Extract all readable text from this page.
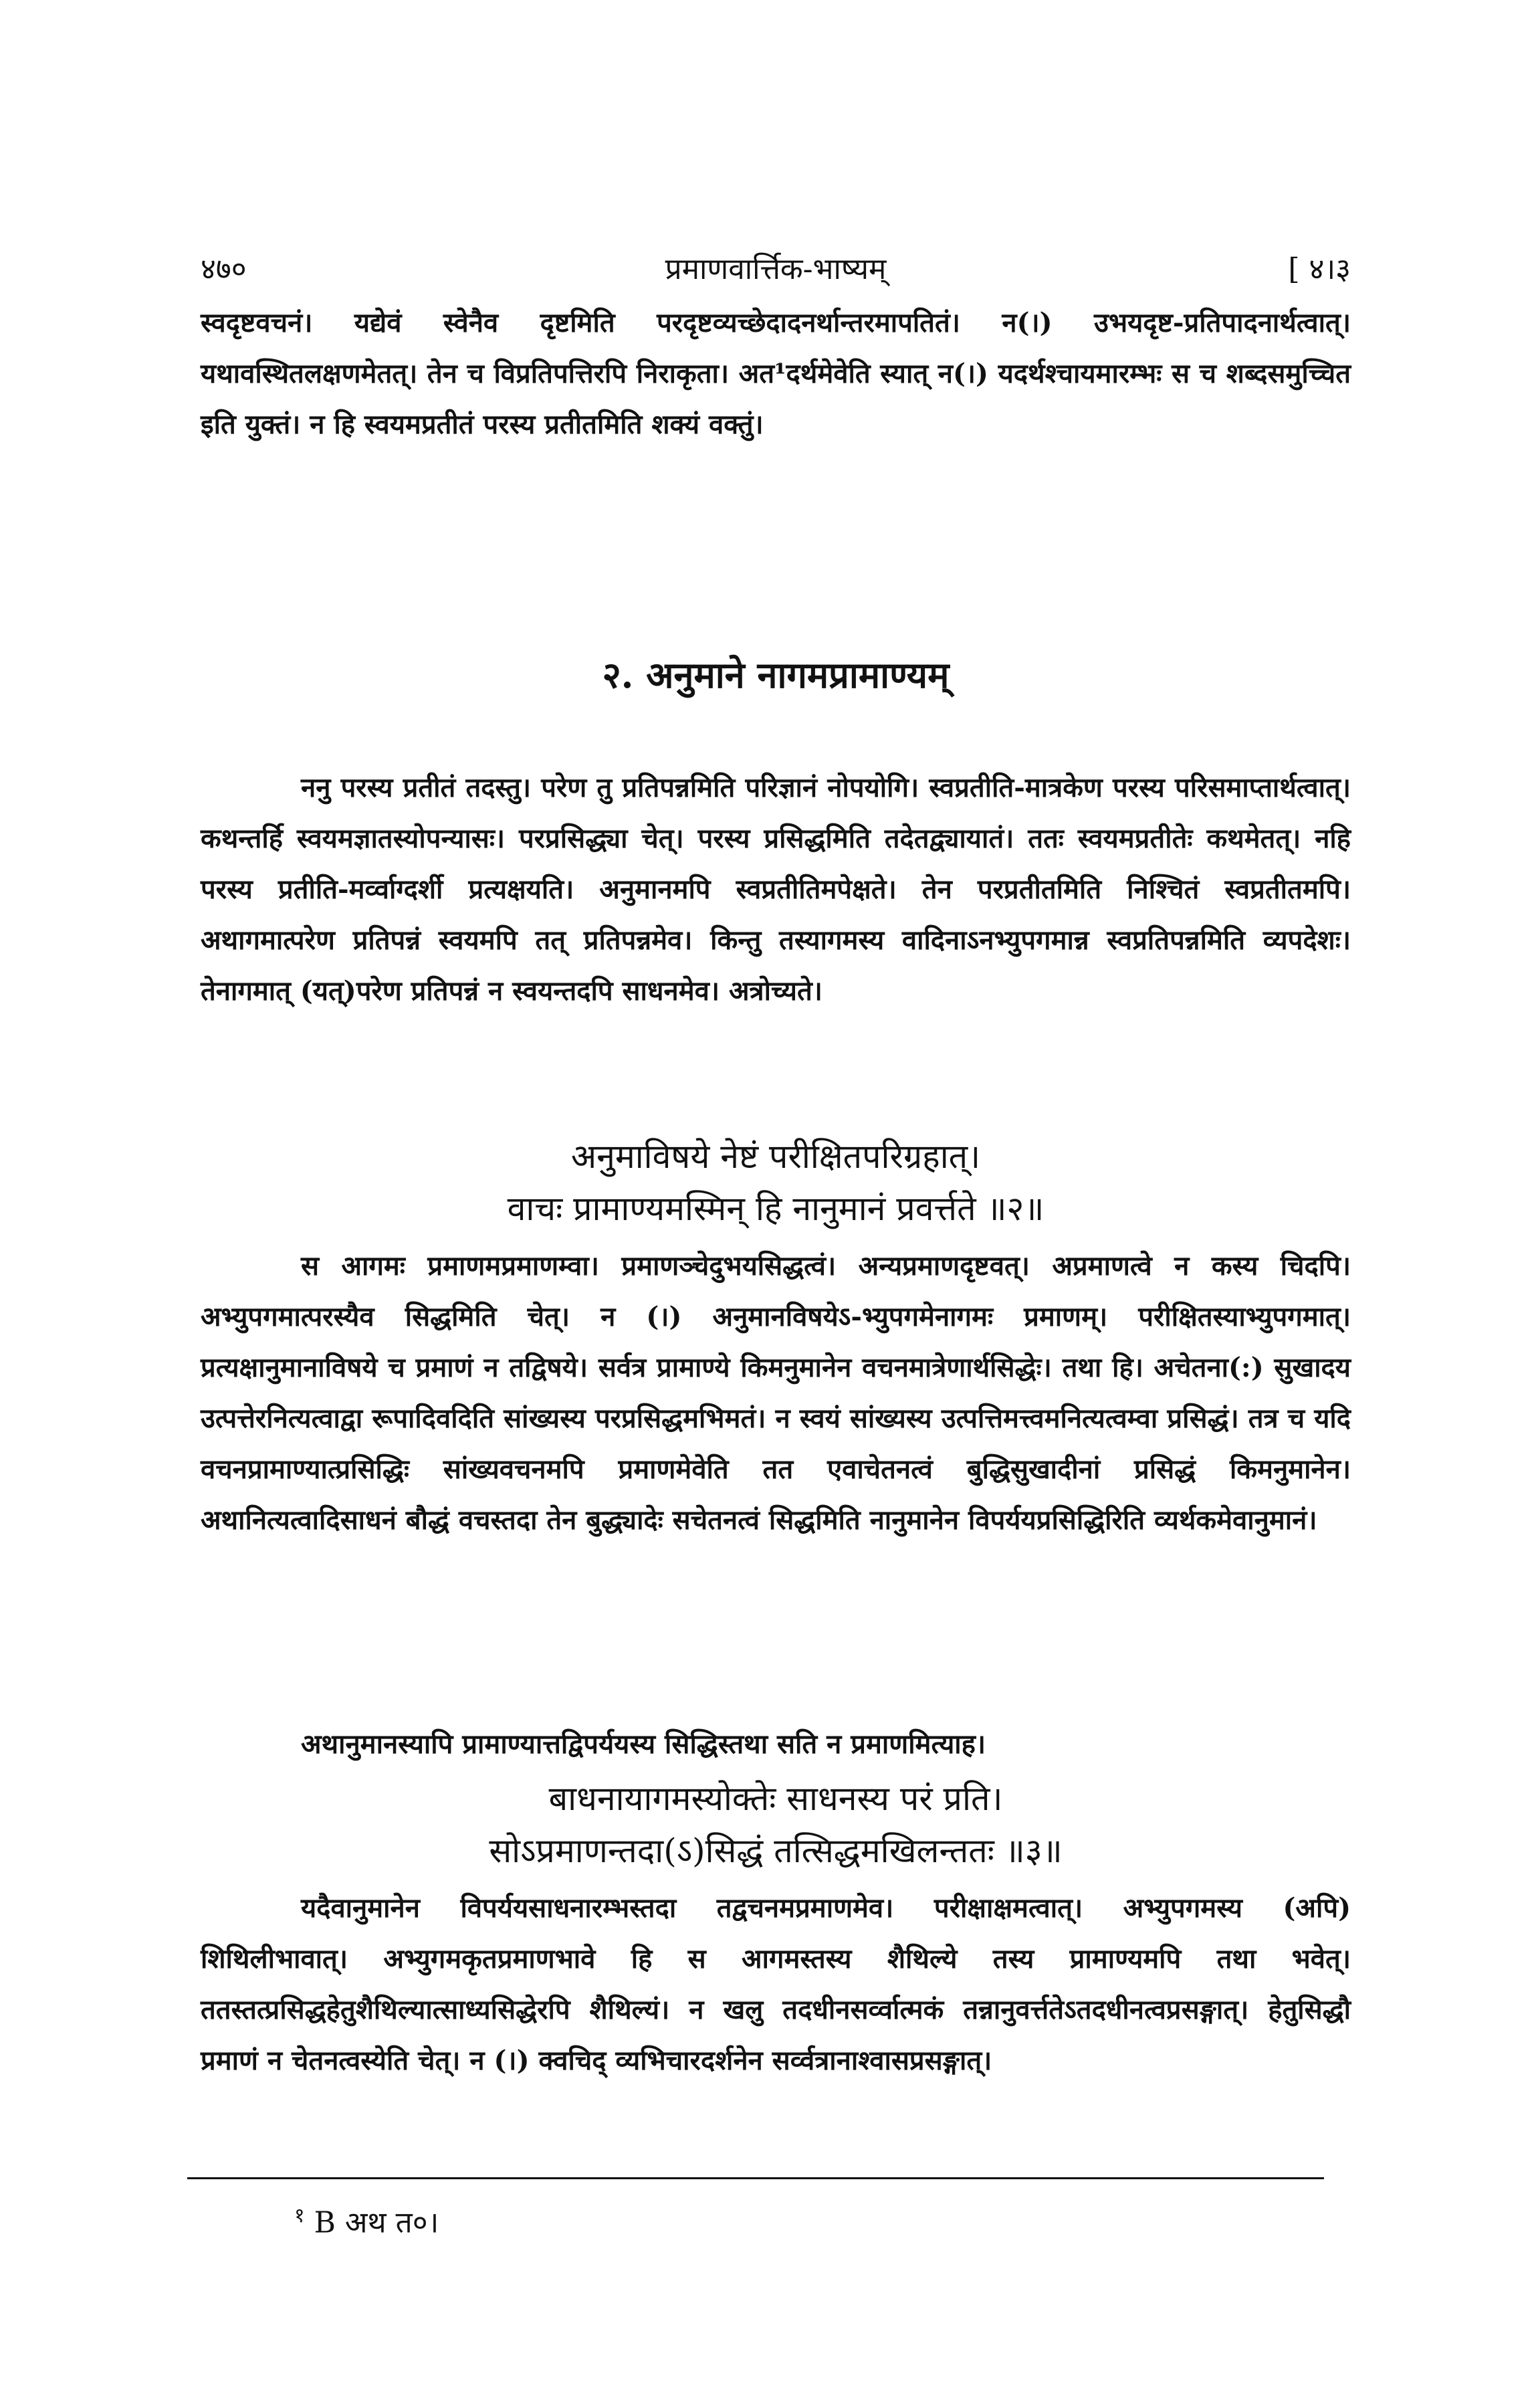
४७०	प्रमाणवार्त्तिक-भाष्यम्	[ ४।३

स्वदृष्टवचनं। यद्येवं स्वेनैव दृष्टमिति परदृष्टव्यच्छेदादनर्थान्तरमापतितं। न(।) उभयदृष्ट-प्रतिपादनार्थत्वात्। यथावस्थितलक्षणमेतत्। तेन च विप्रतिपत्तिरपि निराकृता। अत¹दर्थमेवेति स्यात् न(।) यदर्थश्चायमारम्भः स च शब्दसमुच्चित इति युक्तं। न हि स्वयमप्रतीतं परस्य प्रतीतमिति शक्यं वक्तुं।

२. अनुमाने नागमप्रामाण्यम्

ननु परस्य प्रतीतं तदस्तु। परेण तु प्रतिपन्नमिति परिज्ञानं नोपयोगि। स्वप्रतीति-मात्रकेण परस्य परिसमाप्तार्थत्वात्। कथन्तर्हि स्वयमज्ञातस्योपन्यासः। परप्रसिद्ध्या चेत्। परस्य प्रसिद्धमिति तदेतद्व्यायातं। ततः स्वयमप्रतीतेः कथमेतत्। नहि परस्य प्रतीति-मर्व्वाग्दर्शी प्रत्यक्षयति। अनुमानमपि स्वप्रतीतिमपेक्षते। तेन परप्रतीतमिति निश्चितं स्वप्रतीतमपि। अथागमात्परेण प्रतिपन्नं स्वयमपि तत् प्रतिपन्नमेव। किन्तु तस्यागमस्य वादिनाऽनभ्युपगमान्न स्वप्रतिपन्नमिति व्यपदेशः। तेनागमात् (यत्)परेण प्रतिपन्नं न स्वयन्तदपि साधनमेव। अत्रोच्यते।

अनुमाविषये नेष्टं परीक्षितपरिग्रहात्।
वाचः प्रामाण्यमस्मिन् हि नानुमानं प्रवर्त्तते ॥२॥

स आगमः प्रमाणमप्रमाणम्वा। प्रमाणञ्चेदुभयसिद्धत्वं। अन्यप्रमाणदृष्टवत्। अप्रमाणत्वे न कस्य चिदपि। अभ्युपगमात्परस्यैव सिद्धमिति चेत्। न (।) अनुमानविषयेऽ-भ्युपगमेनागमः प्रमाणम्। परीक्षितस्याभ्युपगमात्। प्रत्यक्षानुमानाविषये च प्रमाणं न तद्विषये। सर्वत्र प्रामाण्ये किमनुमानेन वचनमात्रेणार्थसिद्धेः। तथा हि। अचेतना(:) सुखादय उत्पत्तेरनित्यत्वाद्वा रूपादिवदिति सांख्यस्य परप्रसिद्धमभिमतं। न स्वयं सांख्यस्य उत्पत्तिमत्त्वमनित्यत्वम्वा प्रसिद्धं। तत्र च यदि वचनप्रामाण्यात्प्रसिद्धिः सांख्यवचनमपि प्रमाणमेवेति तत एवाचेतनत्वं बुद्धिसुखादीनां प्रसिद्धं किमनुमानेन। अथानित्यत्वादिसाधनं बौद्धं वचस्तदा तेन बुद्ध्यादेः सचेतनत्वं सिद्धमिति नानुमानेन विपर्ययप्रसिद्धिरिति व्यर्थकमेवानुमानं।

अथानुमानस्यापि प्रामाण्यात्तद्विपर्ययस्य सिद्धिस्तथा सति न प्रमाणमित्याह।

बाधनायागमस्योक्तेः साधनस्य परं प्रति।
सोऽप्रमाणन्तदा(ऽ)सिद्धं तत्सिद्धमखिलन्ततः ॥३॥

यदैवानुमानेन विपर्ययसाधनारम्भस्तदा तद्वचनमप्रमाणमेव। परीक्षाक्षमत्वात्। अभ्युपगमस्य (अपि) शिथिलीभावात्। अभ्युगमकृतप्रमाणभावे हि स आगमस्तस्य शैथिल्ये तस्य प्रामाण्यमपि तथा भवेत्। ततस्तत्प्रसिद्धहेतुशैथिल्यात्साध्यसिद्धेरपि शैथिल्यं। न खलु तदधीनसर्व्वात्मकं तन्नानुवर्त्ततेऽतदधीनत्वप्रसङ्गात्। हेतुसिद्धौ प्रमाणं न चेतनत्वस्येति चेत्। न (।) क्वचिद् व्यभिचारदर्शनेन सर्व्वत्रानाश्वासप्रसङ्गात्।

$^१$ B अथ त०।
